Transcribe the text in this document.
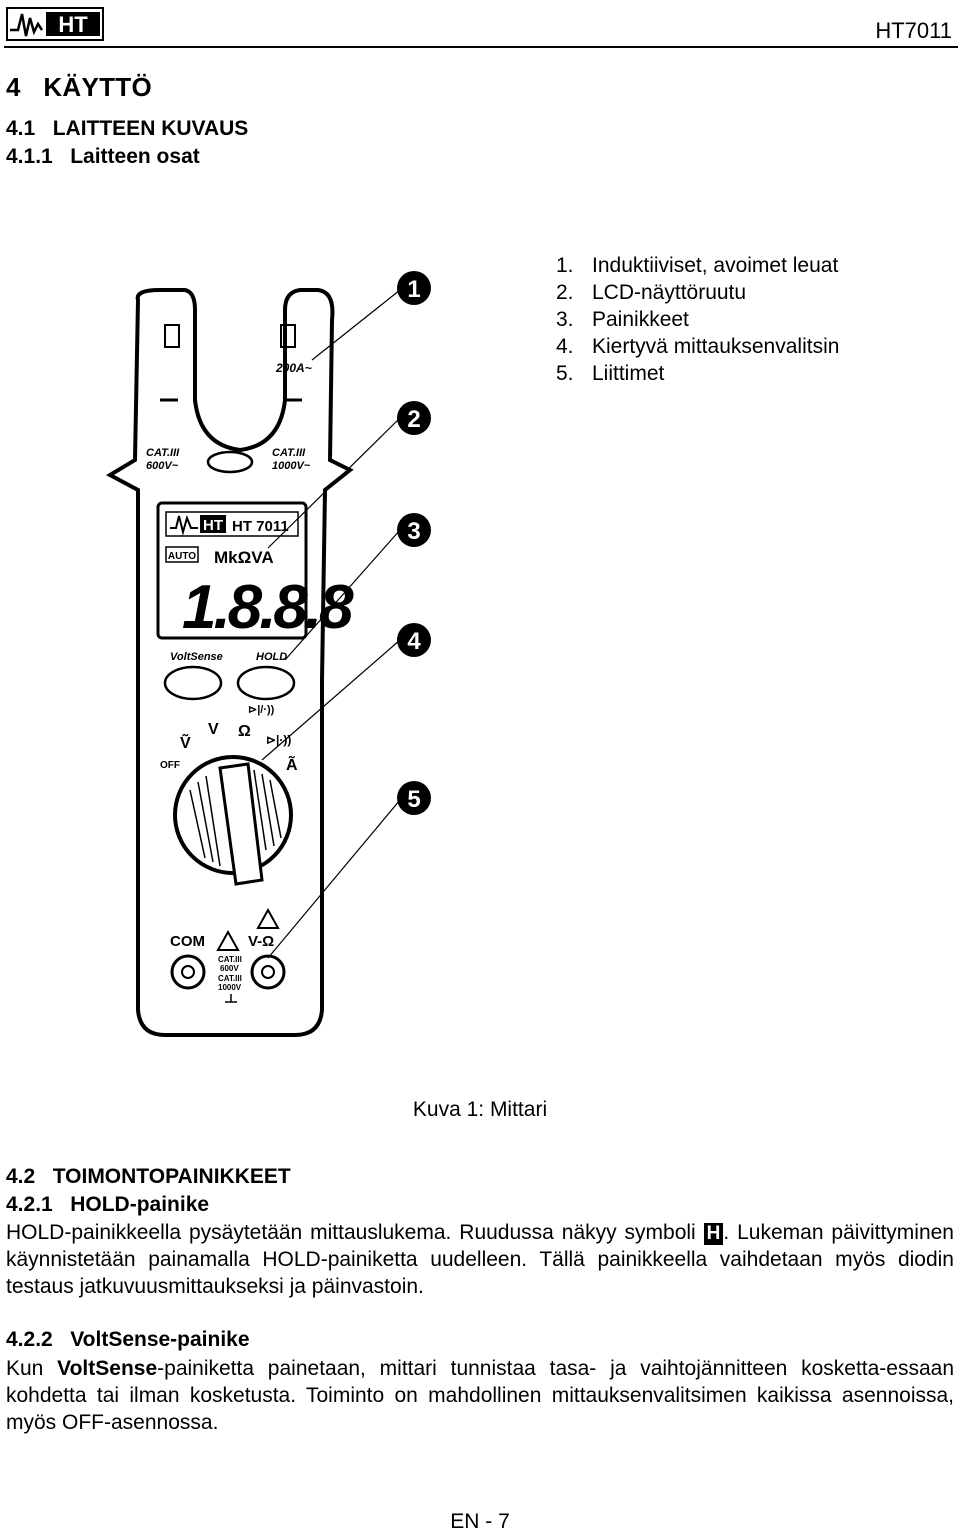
HT	HT7011
4   KÄYTTÖ
4.1   LAITTEEN KUVAUS
4.1.1   Laitteen osat
1. Induktiiviset, avoimet leuat
2. LCD-näyttöruutu
3. Painikkeet
4. Kiertyvä mittauksenvalitsin
5. Liittimet
200A~
CAT.III 600V~
CAT.III 1000V~
HT HT 7011
AUTO MkΩVA
1.8.8.8
VoltSense	HOLD
⊳|/·))
OFF
Ṽ
V Ω ⊳|·))
Ã
COM	V-Ω
CAT.III
600V
CAT.III
1000V
1
2
3
4
5
Kuva 1: Mittari
4.2   TOIMONTOPAINIKKEET
4.2.1   HOLD-painike
HOLD-painikkeella pysäytetään mittauslukema. Ruudussa näkyy symboli H . Lukeman päivittyminen käynnistetään painamalla HOLD-painiketta uudelleen. Tällä painikkeella vaihdetaan myös diodin testaus jatkuvuusmittaukseksi ja päinvastoin.
4.2.2   VoltSense-painike
Kun VoltSense-painiketta painetaan, mittari tunnistaa tasa- ja vaihtojännitteen kosketta-essaan kohdetta tai ilman kosketusta. Toiminto on mahdollinen mittauksenvalitsimen kaikissa asennoissa, myös OFF-asennossa.
EN - 7
